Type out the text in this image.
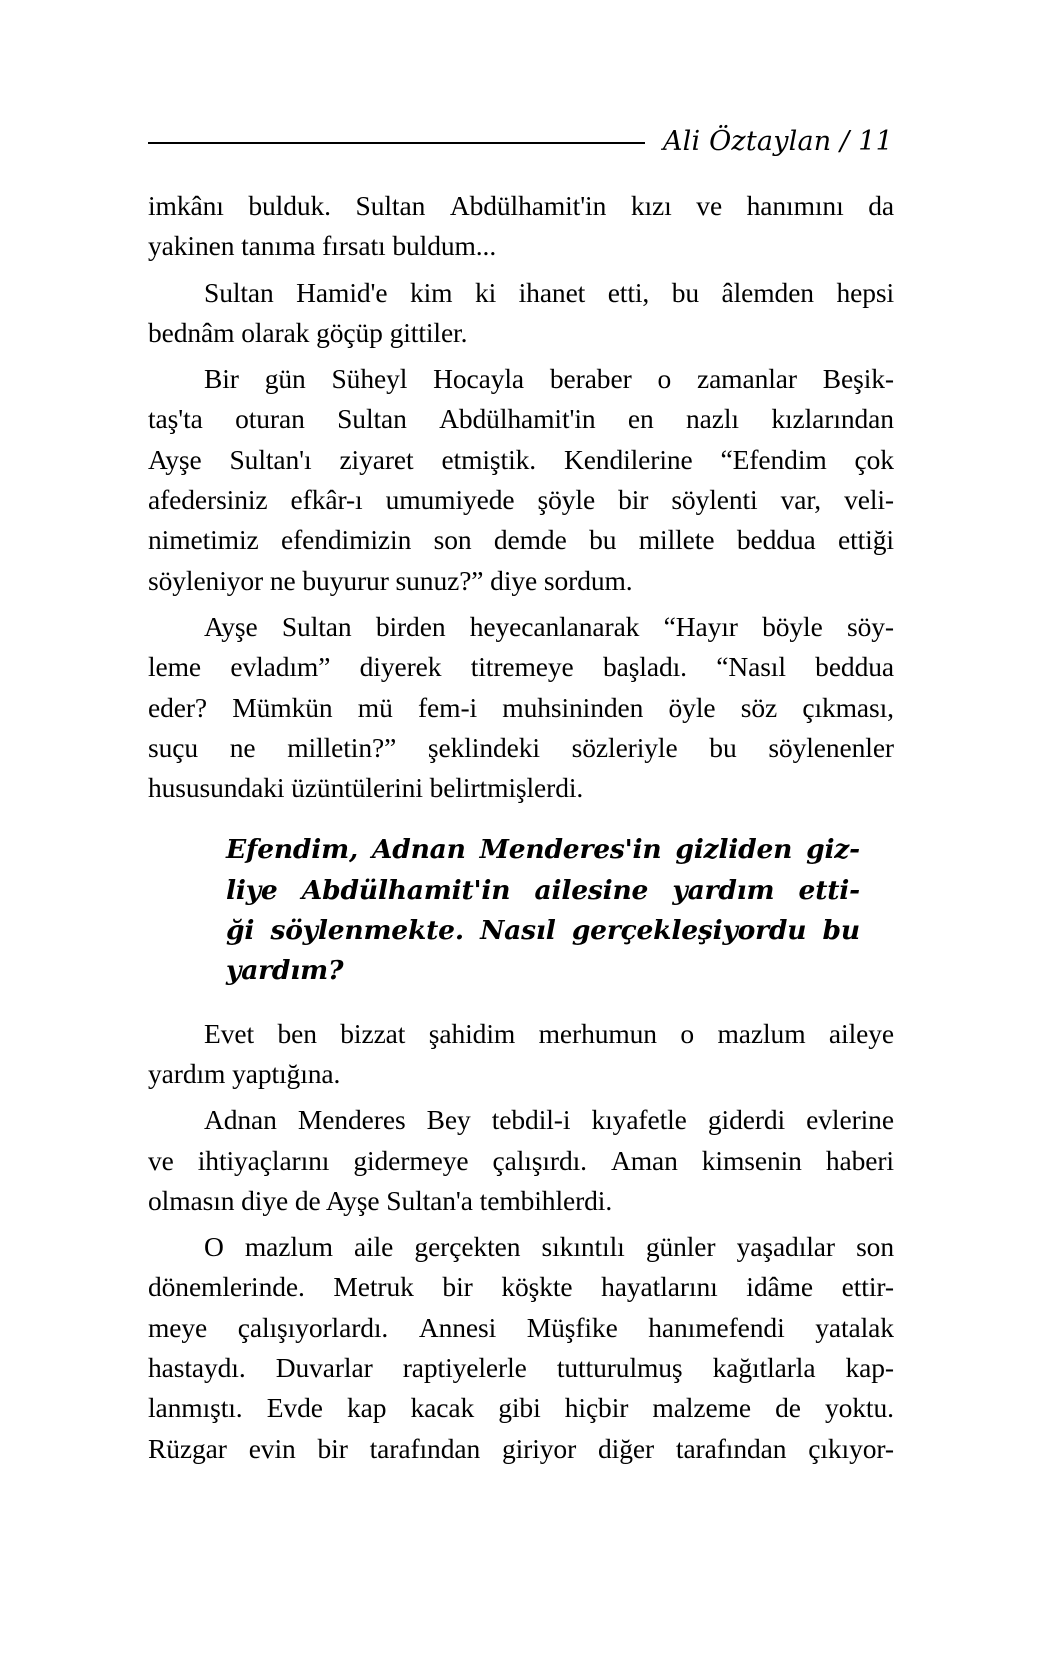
Ali Öztaylan / 11
imkânı bulduk. Sultan Abdülhamit'in kızı ve hanımını da
yakinen tanıma fırsatı buldum...
Sultan Hamid'e kim ki ihanet etti, bu âlemden hepsi
bednâm olarak göçüp gittiler.
Bir gün Süheyl Hocayla beraber o zamanlar Beşik-
taş'ta oturan Sultan Abdülhamit'in en nazlı kızlarından
Ayşe Sultan'ı ziyaret etmiştik. Kendilerine “Efendim çok
afedersiniz efkâr-ı umumiyede şöyle bir söylenti var, veli-
nimetimiz efendimizin son demde bu millete beddua ettiği
söyleniyor ne buyurur sunuz?” diye sordum.
Ayşe Sultan birden heyecanlanarak “Hayır böyle söy-
leme evladım” diyerek titremeye başladı. “Nasıl beddua
eder? Mümkün mü fem-i muhsininden öyle söz çıkması,
suçu ne milletin?” şeklindeki sözleriyle bu söylenenler
hususundaki üzüntülerini belirtmişlerdi.
Efendim, Adnan Menderes'in gizliden giz-
liye Abdülhamit'in ailesine yardım etti-
ği söylenmekte. Nasıl gerçekleşiyordu bu
yardım?
Evet ben bizzat şahidim merhumun o mazlum aileye
yardım yaptığına.
Adnan Menderes Bey tebdil-i kıyafetle giderdi evlerine
ve ihtiyaçlarını gidermeye çalışırdı. Aman kimsenin haberi
olmasın diye de Ayşe Sultan'a tembihlerdi.
O mazlum aile gerçekten sıkıntılı günler yaşadılar son
dönemlerinde. Metruk bir köşkte hayatlarını idâme ettir-
meye çalışıyorlardı. Annesi Müşfike hanımefendi yatalak
hastaydı. Duvarlar raptiyelerle tutturulmuş kağıtlarla kap-
lanmıştı. Evde kap kacak gibi hiçbir malzeme de yoktu.
Rüzgar evin bir tarafından giriyor diğer tarafından çıkıyor-
